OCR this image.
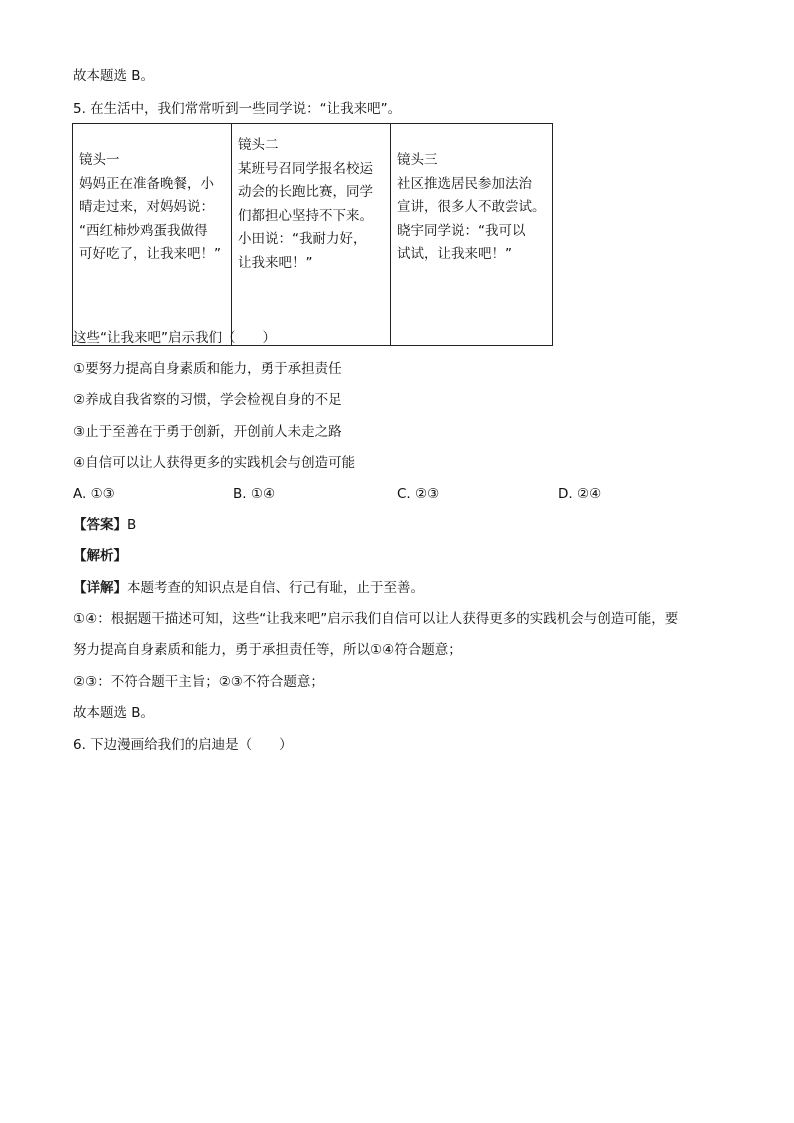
故本题选 B。
5. 在生活中，我们常常听到一些同学说：“让我来吧”。
镜头一
妈妈正在准备晚餐，小
晴走过来，对妈妈说：
“西红柿炒鸡蛋我做得
可好吃了，让我来吧！”

镜头二
某班号召同学报名校运
动会的长跑比赛，同学
们都担心坚持不下来。
小田说：“我耐力好，
让我来吧！”

镜头三
社区推选居民参加法治
宣讲，很多人不敢尝试。
晓宇同学说：“我可以
试试，让我来吧！”
这些“让我来吧”启示我们（　　）
①要努力提高自身素质和能力，勇于承担责任
②养成自我省察的习惯，学会检视自身的不足
③止于至善在于勇于创新，开创前人未走之路
④自信可以让人获得更多的实践机会与创造可能
A. ①③	B. ①④	C. ②③	D. ②④
【答案】B
【解析】
【详解】本题考查的知识点是自信、行己有耻，止于至善。
①④：根据题干描述可知，这些“让我来吧”启示我们自信可以让人获得更多的实践机会与创造可能，要
努力提高自身素质和能力，勇于承担责任等，所以①④符合题意；
②③：不符合题干主旨；②③不符合题意；
故本题选 B。
6. 下边漫画给我们的启迪是（　　）
